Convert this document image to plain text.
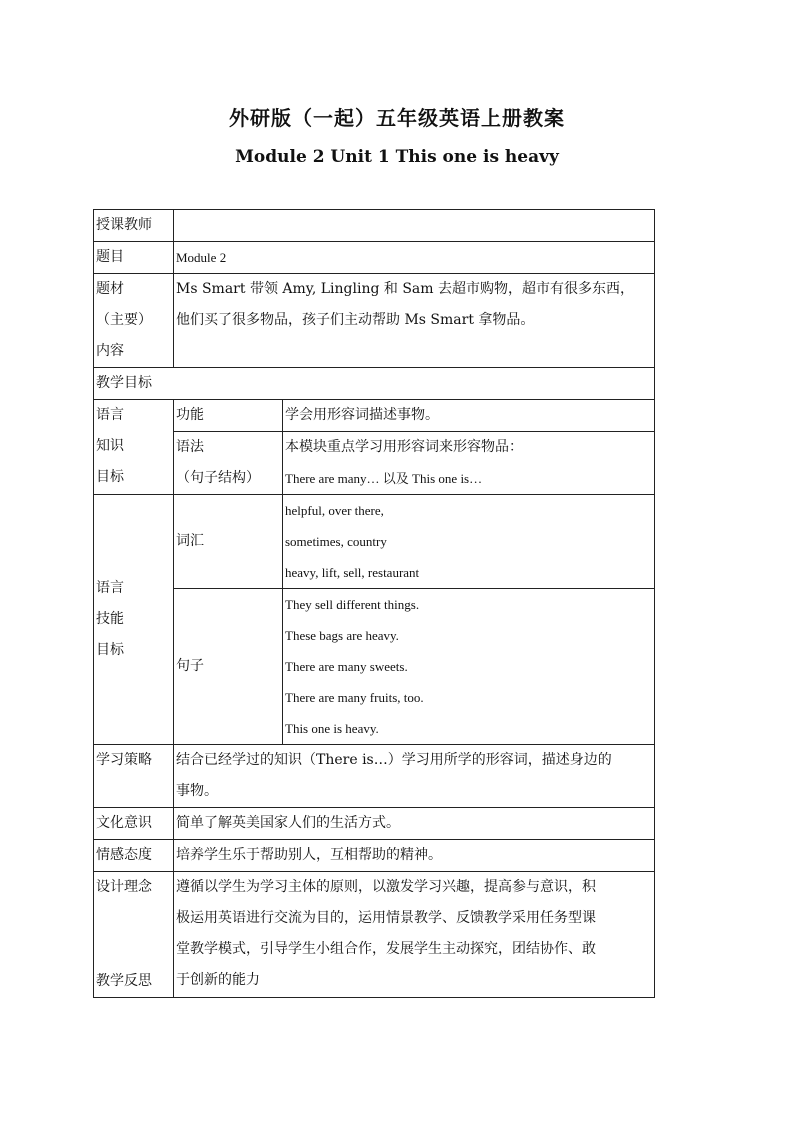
外研版（一起）五年级英语上册教案
Module 2 Unit 1 This one is heavy
授课教师		
题目	Module 2	

题材
（主要）
内容	Ms Smart 带领 Amy, Lingling 和 Sam 去超市购物，超市有很多东西，
他们买了很多物品，孩子们主动帮助 Ms Smart 拿物品。	

教学目标		

语言
知识
目标	功能	学会用形容词描述事物。

	语法
（句子结构）	本模块重点学习用形容词来形容物品：
There are many… 以及 This one is…

语言
技能
目标	词汇	helpful, over there,
sometimes, country
heavy, lift, sell, restaurant

	句子	They sell different things.
These bags are heavy.
There are many sweets.
There are many fruits, too.
This one is heavy.

学习策略	结合已经学过的知识（There is…）学习用所学的形容词，描述身边的
事物。	

文化意识	简单了解英美国家人们的生活方式。	
情感态度	培养学生乐于帮助别人，互相帮助的精神。	

设计理念
教学反思	遵循以学生为学习主体的原则，以激发学习兴趣，提高参与意识，积
极运用英语进行交流为目的，运用情景教学、反馈教学采用任务型课
堂教学模式，引导学生小组合作，发展学生主动探究，团结协作、敢
于创新的能力	
